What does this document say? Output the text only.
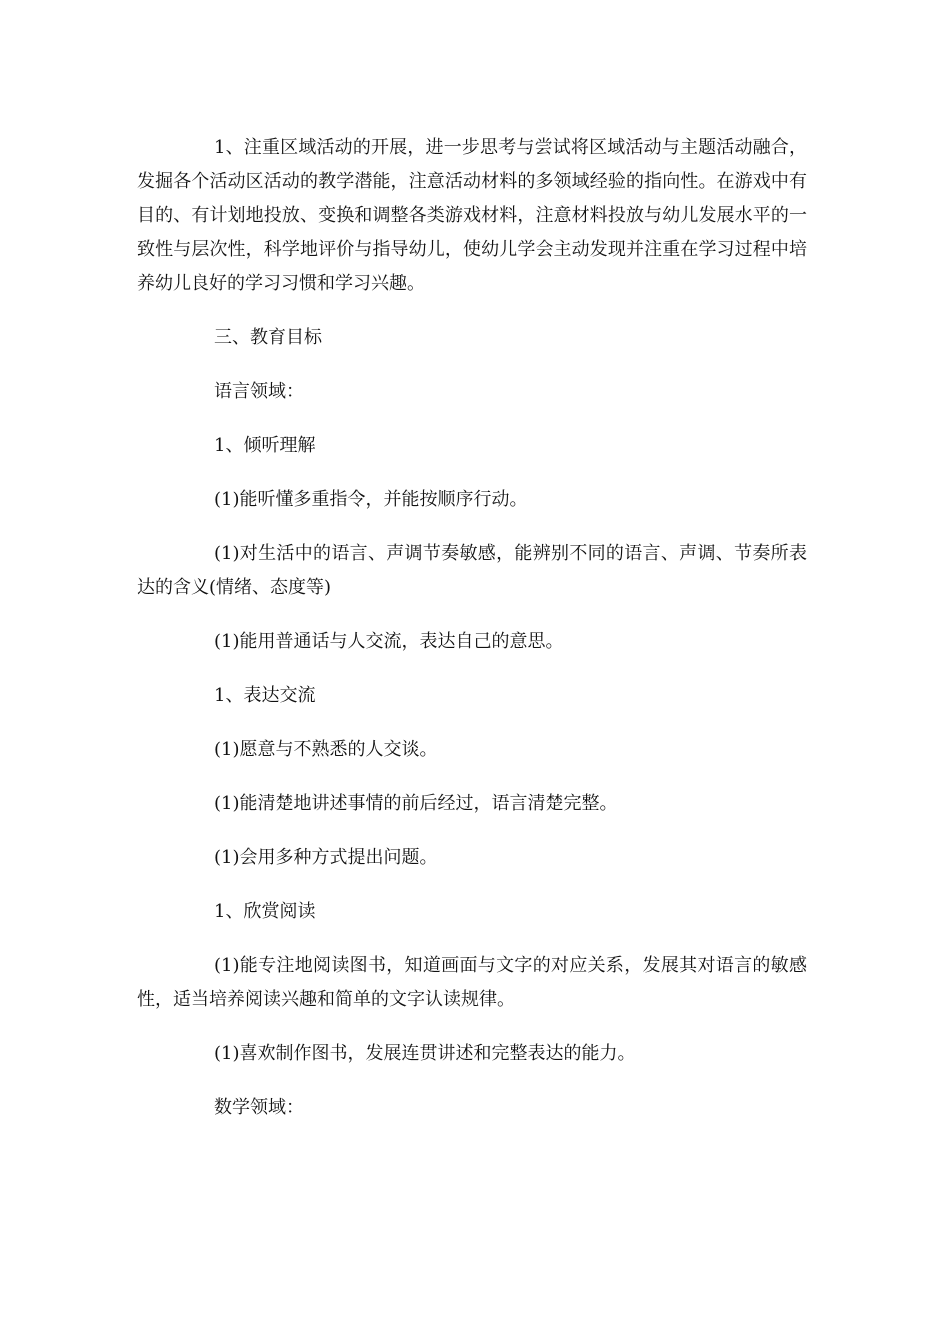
1、注重区域活动的开展，进一步思考与尝试将区域活动与主题活动融合，发掘各个活动区活动的教学潜能，注意活动材料的多领域经验的指向性。在游戏中有目的、有计划地投放、变换和调整各类游戏材料，注意材料投放与幼儿发展水平的一致性与层次性，科学地评价与指导幼儿，使幼儿学会主动发现并注重在学习过程中培养幼儿良好的学习习惯和学习兴趣。

三、教育目标

语言领域：

1、倾听理解

(1)能听懂多重指令，并能按顺序行动。

(1)对生活中的语言、声调节奏敏感，能辨别不同的语言、声调、节奏所表达的含义(情绪、态度等)

(1)能用普通话与人交流，表达自己的意思。

1、表达交流

(1)愿意与不熟悉的人交谈。

(1)能清楚地讲述事情的前后经过，语言清楚完整。

(1)会用多种方式提出问题。

1、欣赏阅读

(1)能专注地阅读图书，知道画面与文字的对应关系，发展其对语言的敏感性，适当培养阅读兴趣和简单的文字认读规律。

(1)喜欢制作图书，发展连贯讲述和完整表达的能力。

数学领域：
